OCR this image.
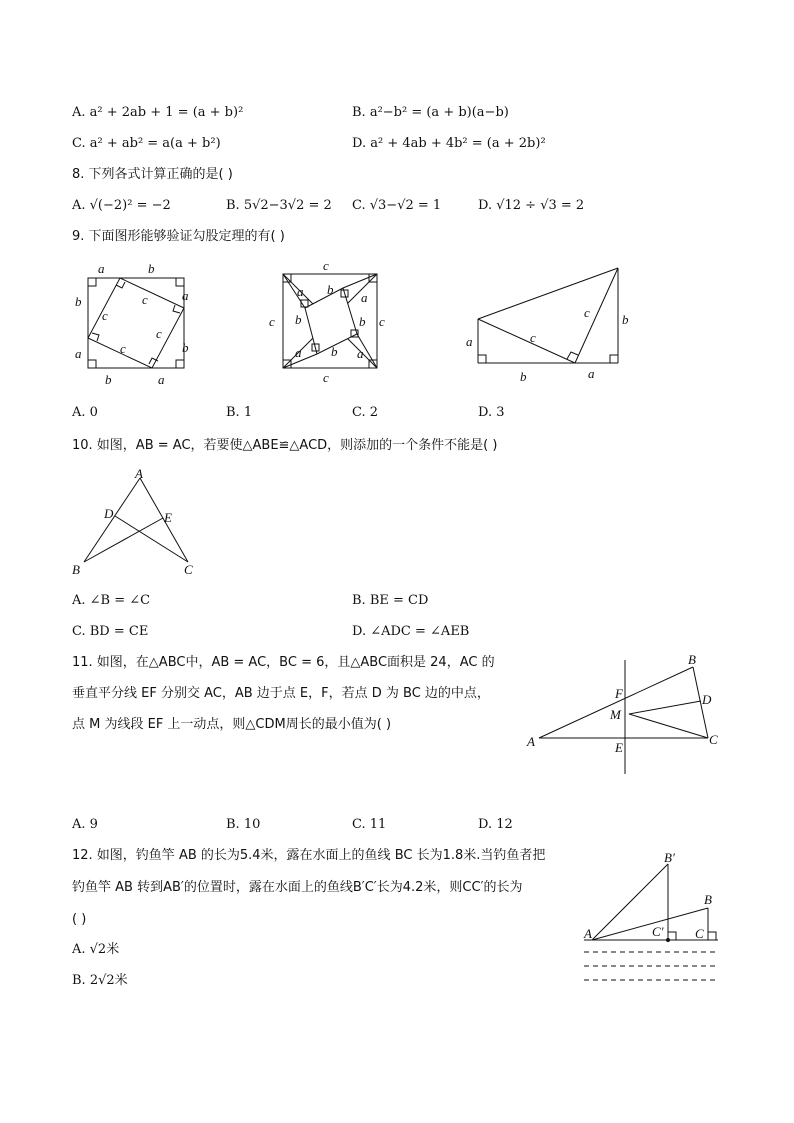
A. a² + 2ab + 1 = (a + b)²	B. a²−b² = (a + b)(a−b)
C. a² + ab² = a(a + b²)	D. a² + 4ab + 4b² = (a + 2b)²
8. 下列各式计算正确的是( )
A. √(−2)² = −2	B. 5√2−3√2 = 2 C. √3−√2 = 1	D. √12 ÷ √3 = 2
9. 下面图形能够验证勾股定理的有( )
a	b
b
a
b	a
a
b
c
c
c
c
c
c
c	c
a b
a
b	b
a b a
a
b	a
b
c
c
A. 0	B. 1	C. 2	D. 3
10. 如图，AB = AC，若要使△ABE≌△ACD，则添加的一个条件不能是( )
A
D	E
B	C
A. ∠B = ∠C	B. BE = CD
C. BD = CE	D. ∠ADC = ∠AEB
11. 如图，在△ABC中，AB = AC，BC = 6，且△ABC面积是 24，AC 的
垂直平分线 EF 分别交 AC，AB 边于点 E，F，若点 D 为 BC 边的中点，
点 M 为线段 EF 上一动点，则△CDM周长的最小值为( )
A
B
C
D
E
F
M
A. 9	B. 10	C. 11	D. 12
12. 如图，钓鱼竿 AB 的长为5.4米，露在水面上的鱼线 BC 长为1.8米.当钓鱼者把
钓鱼竿 AB 转到AB′的位置时，露在水面上的鱼线B′C′长为4.2米，则CC′的长为
( )
A. √2米
B. 2√2米
A
B′
B
C′ C
